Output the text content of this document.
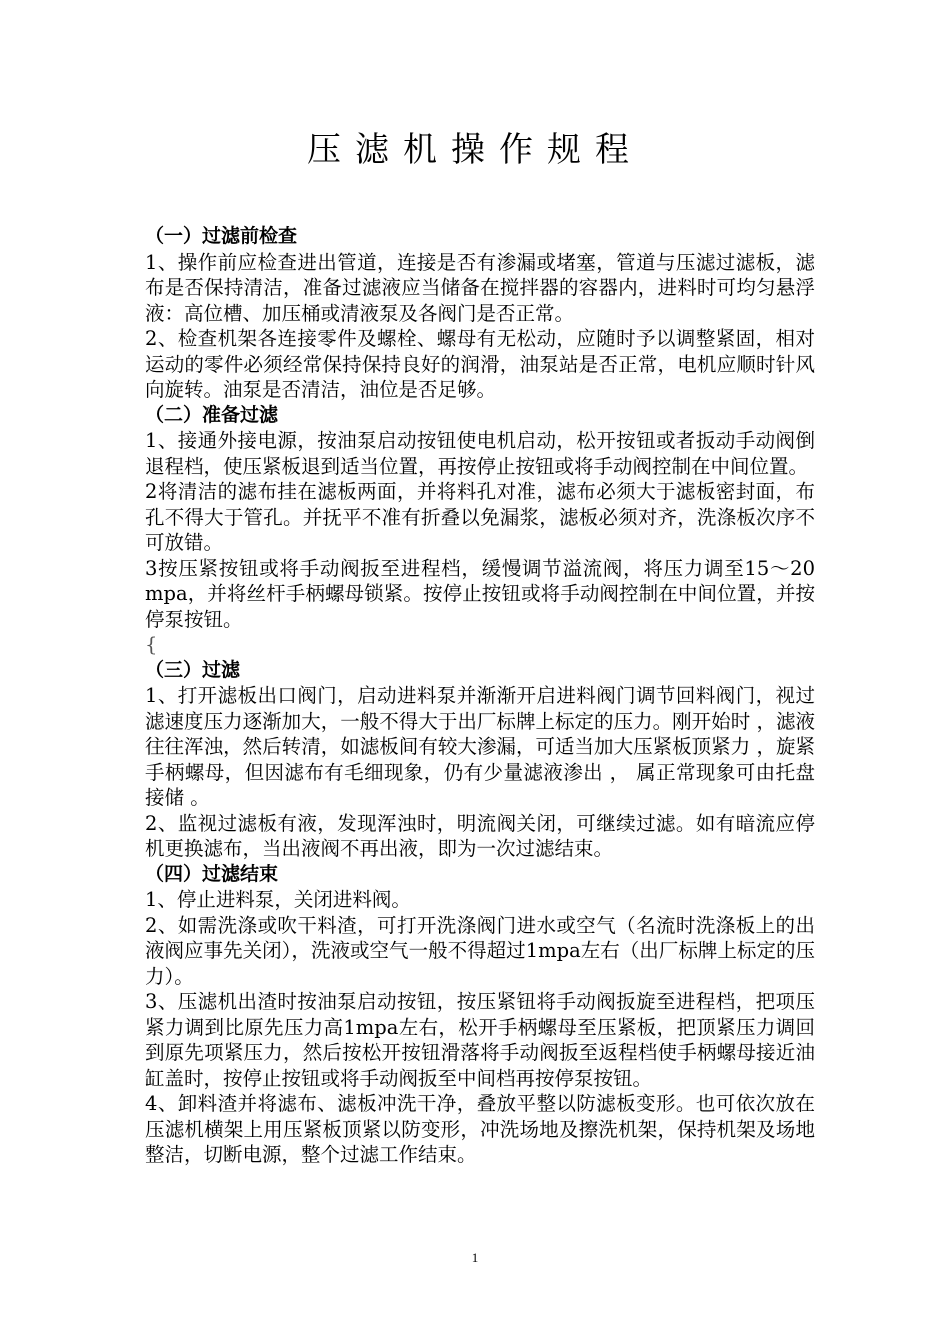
压滤机操作规程

（一）过滤前检查

1、操作前应检查进出管道，连接是否有渗漏或堵塞，管道与压滤过滤板，滤布是否保持清洁，准备过滤液应当储备在搅拌器的容器内，进料时可均匀悬浮液：高位槽、加压桶或清液泵及各阀门是否正常。

2、检查机架各连接零件及螺栓、螺母有无松动，应随时予以调整紧固，相对运动的零件必须经常保持保持良好的润滑，油泵站是否正常，电机应顺时针风向旋转。油泵是否清洁，油位是否足够。

（二）准备过滤

1、接通外接电源，按油泵启动按钮使电机启动，松开按钮或者扳动手动阀倒退程档，使压紧板退到适当位置，再按停止按钮或将手动阀控制在中间位置。

2将清洁的滤布挂在滤板两面，并将料孔对准，滤布必须大于滤板密封面，布孔不得大于管孔。并抚平不准有折叠以免漏浆，滤板必须对齐，洗涤板次序不可放错。

3按压紧按钮或将手动阀扳至进程档，缓慢调节溢流阀，将压力调至15～20　 mpa，并将丝杆手柄螺母锁紧。按停止按钮或将手动阀控制在中间位置，并按 停泵按钮。

{

（三）过滤

1、打开滤板出口阀门，启动进料泵并渐渐开启进料阀门调节回料阀门，视过滤速度压力逐渐加大，一般不得大于出厂标牌上标定的压力。刚开始时 ，滤液 往往浑浊，然后转清，如滤板间有较大渗漏，可适当加大压紧板顶紧力 ，旋紧手柄螺母，但因滤布有毛细现象，仍有少量滤液渗出 ， 属正常现象可由托盘接储 。

2、监视过滤板有液，发现浑浊时，明流阀关闭，可继续过滤。如有暗流应停机更换滤布，当出液阀不再出液，即为一次过滤结束。

（四）过滤结束

1、停止进料泵，关闭进料阀。

2、如需洗涤或吹干料渣，可打开洗涤阀门进水或空气（名流时洗涤板上的出液阀应事先关闭），洗液或空气一般不得超过1mpa左右（出厂标牌上标定的压力）。

3、压滤机出渣时按油泵启动按钮，按压紧钮将手动阀扳旋至进程档，把项压紧力调到比原先压力高1mpa左右，松开手柄螺母至压紧板，把顶紧压力调回到原先项紧压力，然后按松开按钮滑落将手动阀扳至返程档使手柄螺母接近油缸盖时，按停止按钮或将手动阀扳至中间档再按停泵按钮。

4、卸料渣并将滤布、滤板冲洗干净，叠放平整以防滤板变形。也可依次放在压滤机横架上用压紧板顶紧以防变形，冲洗场地及擦洗机架，保持机架及场地整洁，切断电源，整个过滤工作结束。

1
